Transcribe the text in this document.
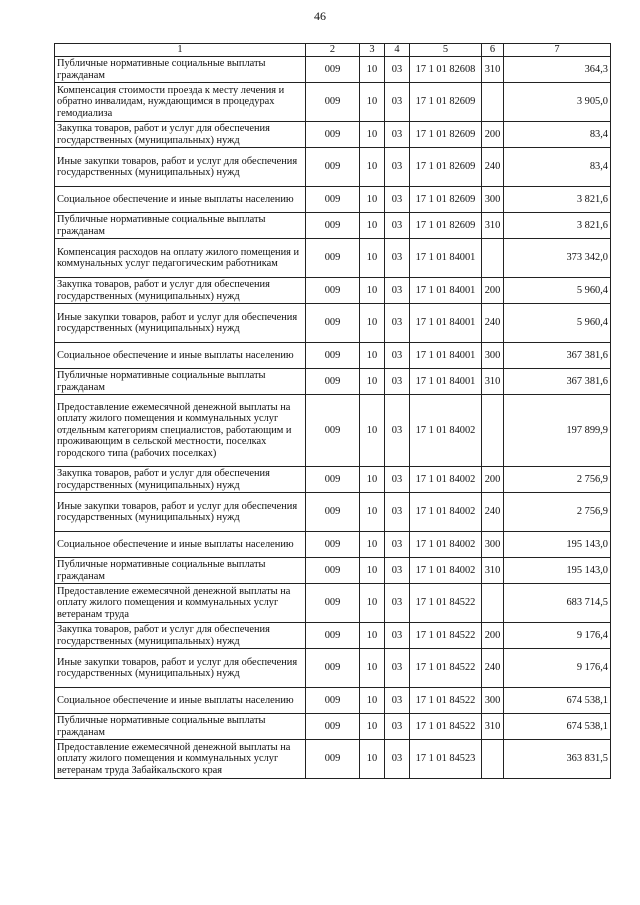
46
1	2	3	4	5	6	7
Публичные нормативные социальные выплаты гражданам	009	10	03	17 1 01 82608	310	364,3
Компенсация стоимости проезда к месту лечения и обратно инвалидам, нуждающимся в процедурах гемодиализа	009	10	03	17 1 01 82609		3 905,0
Закупка товаров, работ и услуг для обеспечения государственных (муниципальных) нужд	009	10	03	17 1 01 82609	200	83,4
Иные закупки товаров, работ и услуг для обеспечения государственных (муниципальных) нужд	009	10	03	17 1 01 82609	240	83,4
Социальное обеспечение и иные выплаты населению	009	10	03	17 1 01 82609	300	3 821,6
Публичные нормативные социальные выплаты гражданам	009	10	03	17 1 01 82609	310	3 821,6
Компенсация расходов на оплату жилого помещения и коммунальных услуг педагогическим работникам	009	10	03	17 1 01 84001		373 342,0
Закупка товаров, работ и услуг для обеспечения государственных (муниципальных) нужд	009	10	03	17 1 01 84001	200	5 960,4
Иные закупки товаров, работ и услуг для обеспечения государственных (муниципальных) нужд	009	10	03	17 1 01 84001	240	5 960,4
Социальное обеспечение и иные выплаты населению	009	10	03	17 1 01 84001	300	367 381,6
Публичные нормативные социальные выплаты гражданам	009	10	03	17 1 01 84001	310	367 381,6
Предоставление ежемесячной денежной выплаты на оплату жилого помещения и коммунальных услуг отдельным категориям специалистов, работающим и проживающим в сельской местности, поселках городского типа (рабочих поселках)	009	10	03	17 1 01 84002		197 899,9
Закупка товаров, работ и услуг для обеспечения государственных (муниципальных) нужд	009	10	03	17 1 01 84002	200	2 756,9
Иные закупки товаров, работ и услуг для обеспечения государственных (муниципальных) нужд	009	10	03	17 1 01 84002	240	2 756,9
Социальное обеспечение и иные выплаты населению	009	10	03	17 1 01 84002	300	195 143,0
Публичные нормативные социальные выплаты гражданам	009	10	03	17 1 01 84002	310	195 143,0
Предоставление ежемесячной денежной выплаты на оплату жилого помещения и коммунальных услуг ветеранам труда	009	10	03	17 1 01 84522		683 714,5
Закупка товаров, работ и услуг для обеспечения государственных (муниципальных) нужд	009	10	03	17 1 01 84522	200	9 176,4
Иные закупки товаров, работ и услуг для обеспечения государственных (муниципальных) нужд	009	10	03	17 1 01 84522	240	9 176,4
Социальное обеспечение и иные выплаты населению	009	10	03	17 1 01 84522	300	674 538,1
Публичные нормативные социальные выплаты гражданам	009	10	03	17 1 01 84522	310	674 538,1
Предоставление ежемесячной денежной выплаты на оплату жилого помещения и коммунальных услуг ветеранам труда Забайкальского края	009	10	03	17 1 01 84523		363 831,5
